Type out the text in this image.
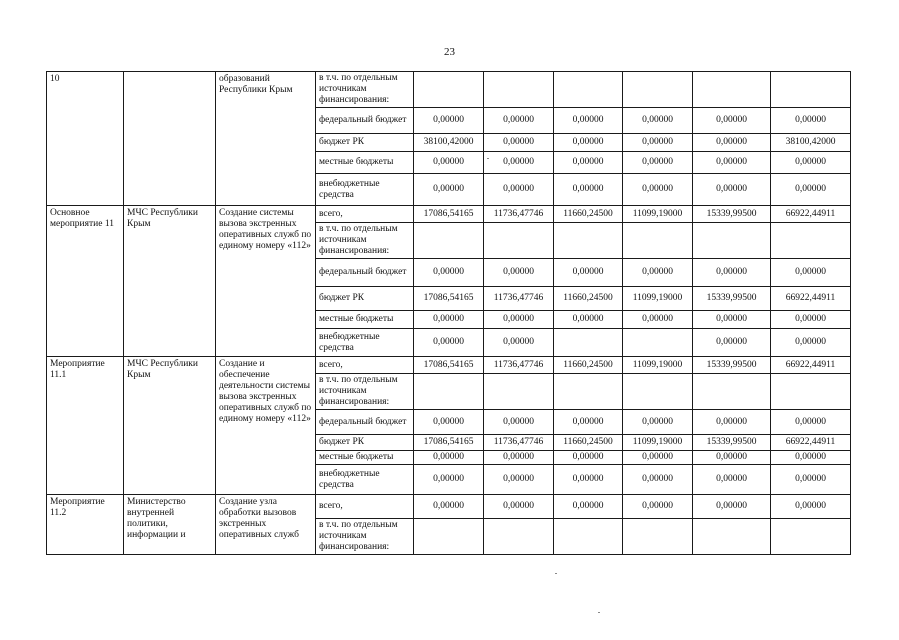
23
10		образований Республики Крым	в т.ч. по отдельным источникам финансирования:						
			федеральный бюджет	0,00000	0,00000	0,00000	0,00000	0,00000	0,00000
			бюджет РК	38100,42000	0,00000	0,00000	0,00000	0,00000	38100,42000
			местные бюджеты	0,00000	0,00000	0,00000	0,00000	0,00000	0,00000
			внебюджетные средства	0,00000	0,00000	0,00000	0,00000	0,00000	0,00000
Основное мероприятие 11	МЧС Республики Крым	Создание системы вызова экстренных оперативных служб по единому номеру «112»	всего,	17086,54165	11736,47746	11660,24500	11099,19000	15339,99500	66922,44911
			в т.ч. по отдельным источникам финансирования:						
			федеральный бюджет	0,00000	0,00000	0,00000	0,00000	0,00000	0,00000
			бюджет РК	17086,54165	11736,47746	11660,24500	11099,19000	15339,99500	66922,44911
			местные бюджеты	0,00000	0,00000	0,00000	0,00000	0,00000	0,00000
			внебюджетные средства	0,00000	0,00000			0,00000	0,00000
Мероприятие 11.1	МЧС Республики Крым	Создание и обеспечение деятельности системы вызова экстренных оперативных служб по единому номеру «112»	всего,	17086,54165	11736,47746	11660,24500	11099,19000	15339,99500	66922,44911
			в т.ч. по отдельным источникам финансирования:						
			федеральный бюджет	0,00000	0,00000	0,00000	0,00000	0,00000	0,00000
			бюджет РК	17086,54165	11736,47746	11660,24500	11099,19000	15339,99500	66922,44911
			местные бюджеты	0,00000	0,00000	0,00000	0,00000	0,00000	0,00000
			внебюджетные средства	0,00000	0,00000	0,00000	0,00000	0,00000	0,00000
Мероприятие 11.2	Министерство внутренней политики, информации и	Создание узла обработки вызовов экстренных оперативных служб	всего,	0,00000	0,00000	0,00000	0,00000	0,00000	0,00000
			в т.ч. по отдельным источникам финансирования:						
